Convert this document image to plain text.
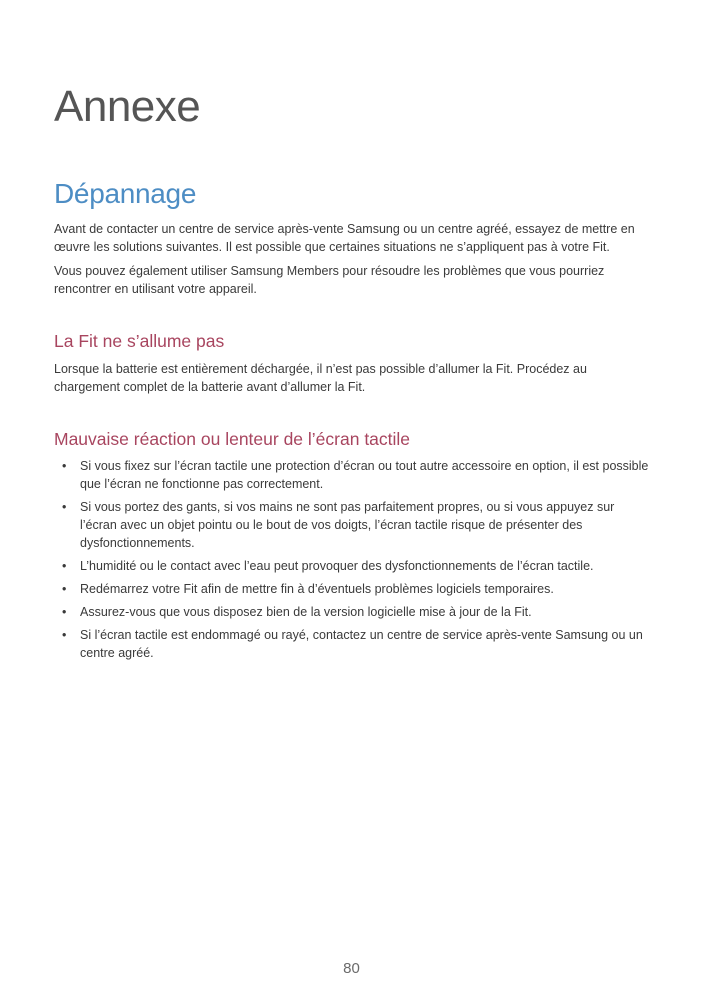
Annexe
Dépannage

Avant de contacter un centre de service après-vente Samsung ou un centre agréé, essayez de mettre en œuvre les solutions suivantes. Il est possible que certaines situations ne s’appliquent pas à votre Fit.

Vous pouvez également utiliser Samsung Members pour résoudre les problèmes que vous pourriez rencontrer en utilisant votre appareil.

La Fit ne s’allume pas

Lorsque la batterie est entièrement déchargée, il n’est pas possible d’allumer la Fit. Procédez au chargement complet de la batterie avant d’allumer la Fit.

Mauvaise réaction ou lenteur de l’écran tactile
• Si vous fixez sur l’écran tactile une protection d’écran ou tout autre accessoire en option, il est possible que l’écran ne fonctionne pas correctement.
• Si vous portez des gants, si vos mains ne sont pas parfaitement propres, ou si vous appuyez sur l’écran avec un objet pointu ou le bout de vos doigts, l’écran tactile risque de présenter des dysfonctionnements.
• L’humidité ou le contact avec l’eau peut provoquer des dysfonctionnements de l’écran tactile.
• Redémarrez votre Fit afin de mettre fin à d’éventuels problèmes logiciels temporaires.
• Assurez-vous que vous disposez bien de la version logicielle mise à jour de la Fit.
• Si l’écran tactile est endommagé ou rayé, contactez un centre de service après-vente Samsung ou un centre agréé.
80
